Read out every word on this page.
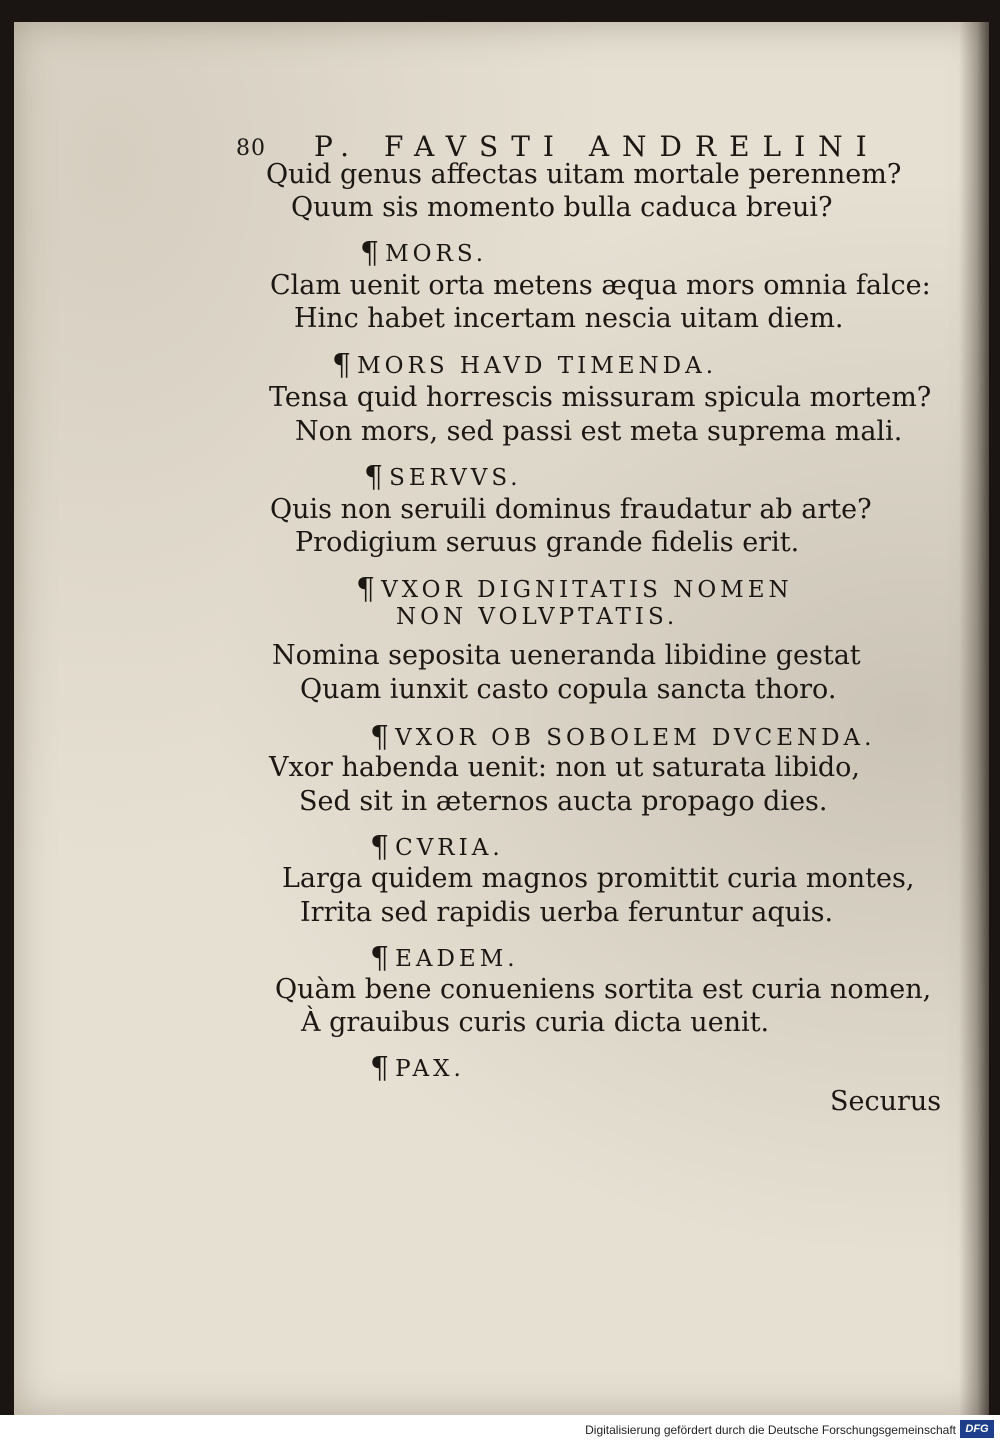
80 P. FAVSTI ANDRELINI
Quid genus affectas uitam mortale perennem?
Quum sis momento bulla caduca breui?
¶MORS.
Clam uenit orta metens æqua mors omnia falce:
Hinc habet incertam nescia uitam diem.
¶MORS HAVD TIMENDA.
Tensa quid horrescis missuram spicula mortem?
Non mors, sed passi est meta suprema mali.
¶SERVVS.
Quis non seruili dominus fraudatur ab arte?
Prodigium seruus grande fidelis erit.
¶VXOR DIGNITATIS NOMEN
NON VOLVPTATIS.
Nomina seposita ueneranda libidine gestat
Quam iunxit casto copula sancta thoro.
¶VXOR OB SOBOLEM DVCENDA.
Vxor habenda uenit: non ut saturata libido,
Sed sit in æternos aucta propago dies.
¶CVRIA.
Larga quidem magnos promittit curia montes,
Irrita sed rapidis uerba feruntur aquis.
¶EADEM.
Quàm bene conueniens sortita est curia nomen,
À grauibus curis curia dicta uenit.
¶PAX.
Securus
Digitalisierung gefördert durch die Deutsche Forschungsgemeinschaft DFG
